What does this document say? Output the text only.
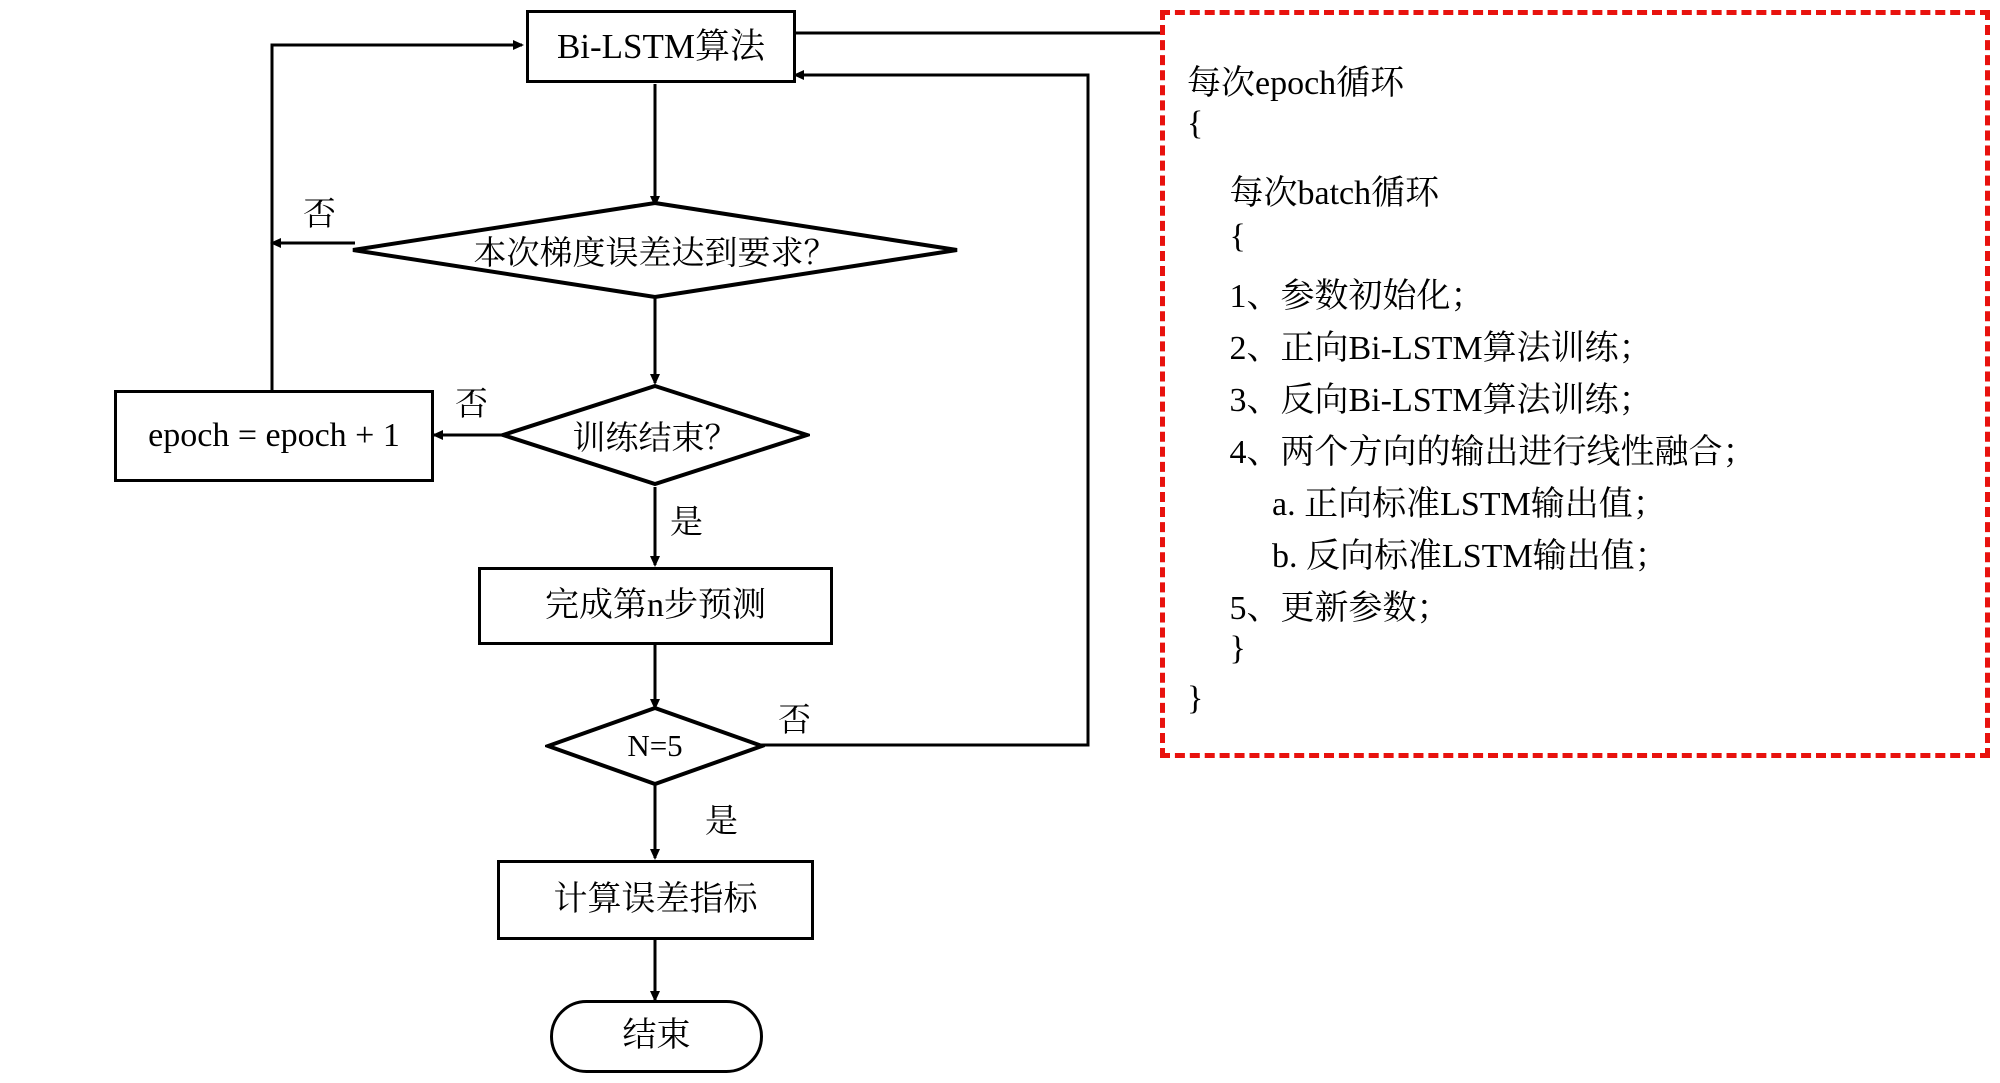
Bi-LSTM算法
本次梯度误差达到要求？
epoch = epoch + 1	训练结束？
完成第n步预测
N=5
计算误差指标
结束
否
否
是
否
是
每次epoch循环
{
每次batch循环
{
1、参数初始化；
2、正向Bi-LSTM算法训练；
3、反向Bi-LSTM算法训练；
4、两个方向的输出进行线性融合；
a. 正向标准LSTM输出值；
b. 反向标准LSTM输出值；
5、更新参数；
}
}
